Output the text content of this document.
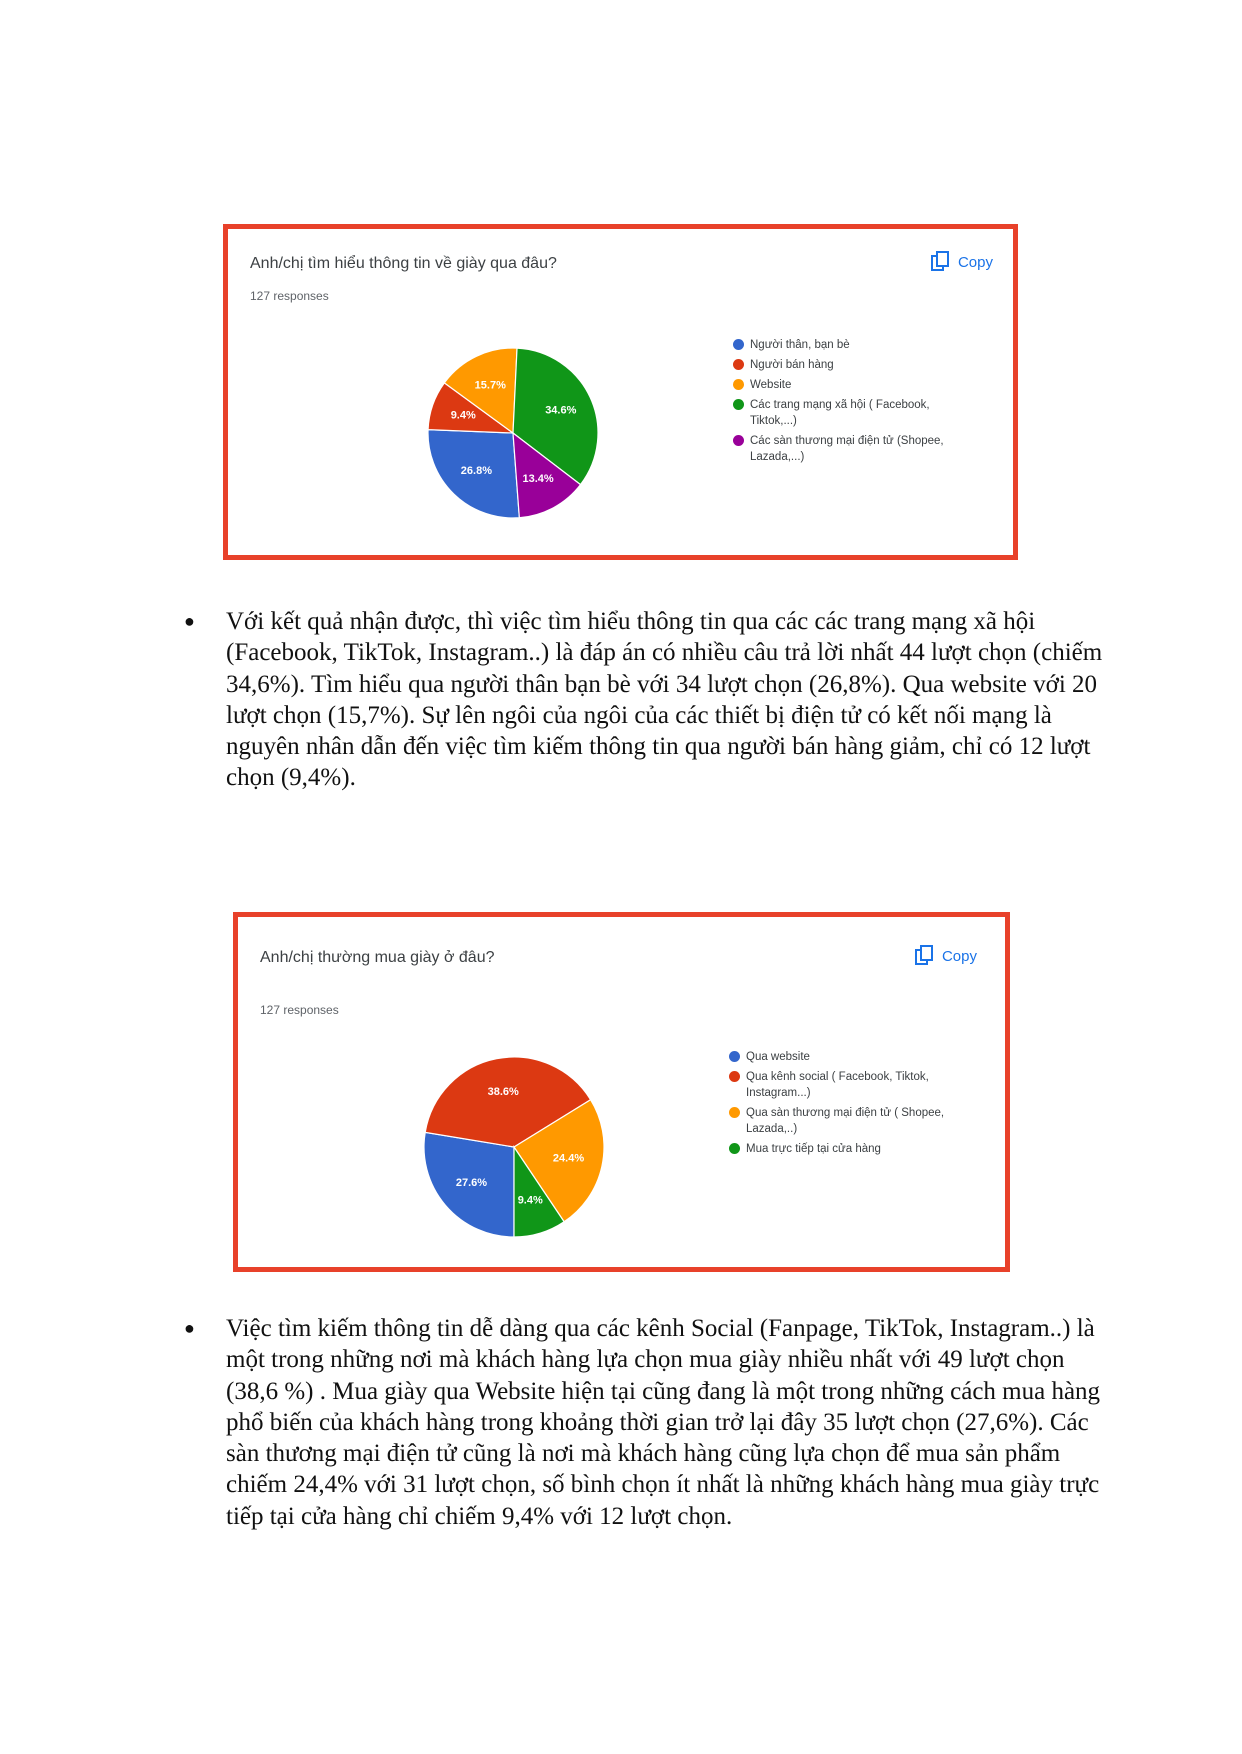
Anh/chị tìm hiểu thông tin về giày qua đâu?
127 responses
Copy
26.8%
9.4%
15.7%
34.6%
13.4%
Người thân, bạn bè
Người bán hàng
Website
Các trang mạng xã hội ( Facebook, Tiktok,...)
Các sàn thương mại điện tử (Shopee, Lazada,...)
● Với kết quả nhận được, thì việc tìm hiểu thông tin qua các các trang mạng xã hội (Facebook, TikTok, Instagram..) là đáp án có nhiều câu trả lời nhất 44 lượt chọn (chiếm 34,6%). Tìm hiểu qua người thân bạn bè với 34 lượt chọn (26,8%). Qua website với 20 lượt chọn (15,7%). Sự lên ngôi của ngôi của các thiết bị điện tử có kết nối mạng là nguyên nhân dẫn đến việc tìm kiếm thông tin qua người bán hàng giảm, chỉ có 12 lượt chọn (9,4%).

Anh/chị thường mua giày ở đâu?
127 responses
Copy
27.6%
38.6%
24.4%
9.4%
Qua website
Qua kênh social ( Facebook, Tiktok, Instagram...)
Qua sàn thương mại điện tử ( Shopee, Lazada,..)
Mua trực tiếp tại cửa hàng
● Việc tìm kiếm thông tin dễ dàng qua các kênh Social (Fanpage, TikTok, Instagram..) là một trong những nơi mà khách hàng lựa chọn mua giày nhiều nhất với 49 lượt chọn (38,6 %) . Mua giày qua Website hiện tại cũng đang là một trong những cách mua hàng phổ biến của khách hàng trong khoảng thời gian trở lại đây 35 lượt chọn (27,6%). Các sàn thương mại điện tử cũng là nơi mà khách hàng cũng lựa chọn để mua sản phẩm chiếm 24,4% với 31 lượt chọn, số bình chọn ít nhất là những khách hàng mua giày trực tiếp tại cửa hàng chỉ chiếm 9,4% với 12 lượt chọn.
